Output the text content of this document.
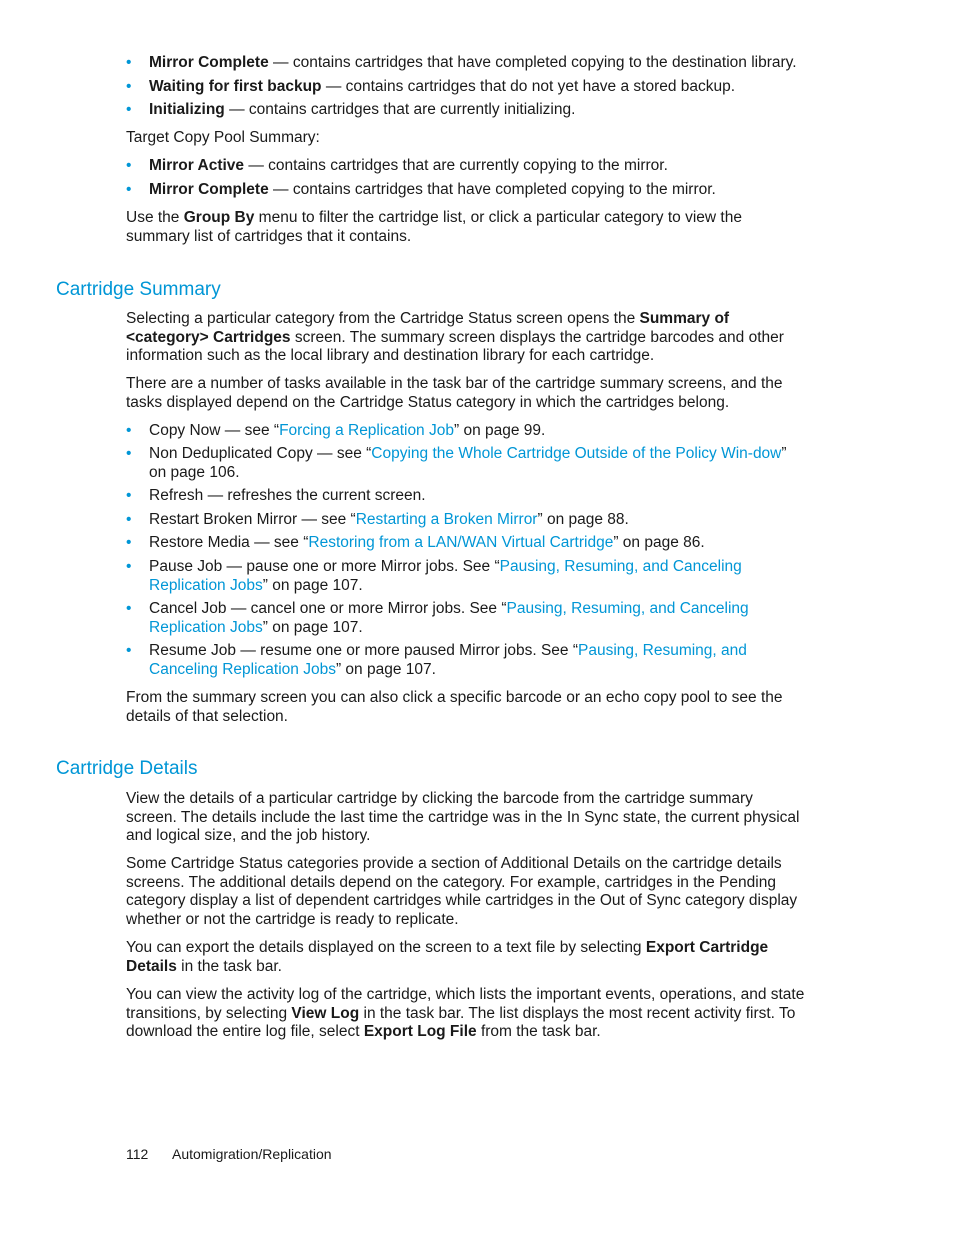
• Mirror Complete — contains cartridges that have completed copying to the destination library.
• Waiting for first backup — contains cartridges that do not yet have a stored backup.
• Initializing — contains cartridges that are currently initializing.

Target Copy Pool Summary:

• Mirror Active — contains cartridges that are currently copying to the mirror.
• Mirror Complete — contains cartridges that have completed copying to the mirror.

Use the Group By menu to filter the cartridge list, or click a particular category to view the summary list of cartridges that it contains.

Cartridge Summary

Selecting a particular category from the Cartridge Status screen opens the Summary of <category> Cartridges screen. The summary screen displays the cartridge barcodes and other information such as the local library and destination library for each cartridge.

There are a number of tasks available in the task bar of the cartridge summary screens, and the tasks displayed depend on the Cartridge Status category in which the cartridges belong.

• Copy Now — see “Forcing a Replication Job” on page 99.
• Non Deduplicated Copy — see “Copying the Whole Cartridge Outside of the Policy Win-dow” on page 106.
• Refresh — refreshes the current screen.
• Restart Broken Mirror — see “Restarting a Broken Mirror” on page 88.
• Restore Media — see “Restoring from a LAN/WAN Virtual Cartridge” on page 86.
• Pause Job — pause one or more Mirror jobs. See “Pausing, Resuming, and Canceling Replication Jobs” on page 107.
• Cancel Job — cancel one or more Mirror jobs. See “Pausing, Resuming, and Canceling Replication Jobs” on page 107.
• Resume Job — resume one or more paused Mirror jobs. See “Pausing, Resuming, and Canceling Replication Jobs” on page 107.

From the summary screen you can also click a specific barcode or an echo copy pool to see the details of that selection.

Cartridge Details

View the details of a particular cartridge by clicking the barcode from the cartridge summary screen. The details include the last time the cartridge was in the In Sync state, the current physical and logical size, and the job history.

Some Cartridge Status categories provide a section of Additional Details on the cartridge details screens. The additional details depend on the category. For example, cartridges in the Pending category display a list of dependent cartridges while cartridges in the Out of Sync category display whether or not the cartridge is ready to replicate.

You can export the details displayed on the screen to a text file by selecting Export Cartridge Details in the task bar.

You can view the activity log of the cartridge, which lists the important events, operations, and state transitions, by selecting View Log in the task bar. The list displays the most recent activity first. To download the entire log file, select Export Log File from the task bar.

112 Automigration/Replication
